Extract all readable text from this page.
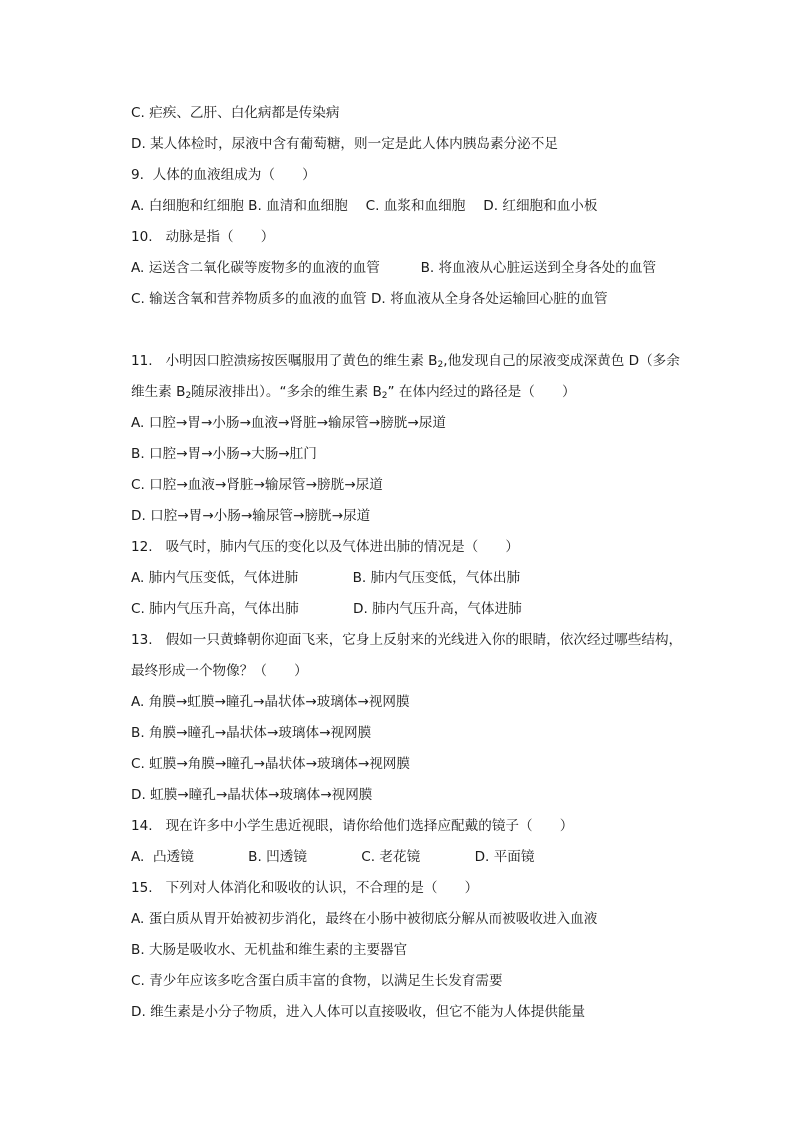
C. 疟疾、乙肝、白化病都是传染病
D. 某人体检时，尿液中含有葡萄糖，则一定是此人体内胰岛素分泌不足
9.  人体的血液组成为（　　）
A. 白细胞和红细胞 B. 血清和血细胞　 C. 血浆和血细胞　 D. 红细胞和血小板
10.   动脉是指（　　）
A. 运送含二氧化碳等废物多的血液的血管　　　B. 将血液从心脏运送到全身各处的血管
C. 输送含氧和营养物质多的血液的血管 D. 将血液从全身各处运输回心脏的血管
11.   小明因口腔溃疡按医嘱服用了黄色的维生素 $B_2$,他发现自己的尿液变成深黄色 D（多余
维生素 $B_2$随尿液排出）。“多余的维生素 $B_2$” 在体内经过的路径是（　　）
A. 口腔→胃→小肠→血液→肾脏→输尿管→膀胱→尿道
B. 口腔→胃→小肠→大肠→肛门
C. 口腔→血液→肾脏→输尿管→膀胱→尿道
D. 口腔→胃→小肠→输尿管→膀胱→尿道
12.   吸气时，肺内气压的变化以及气体进出肺的情况是（　　）
A. 肺内气压变低，气体进肺　　　　B. 肺内气压变低，气体出肺
C. 肺内气压升高，气体出肺　　　　D. 肺内气压升高，气体进肺
13.   假如一只黄蜂朝你迎面飞来，它身上反射来的光线进入你的眼睛，依次经过哪些结构，
最终形成一个物像？（　　）
A. 角膜→虹膜→瞳孔→晶状体→玻璃体→视网膜
B. 角膜→瞳孔→晶状体→玻璃体→视网膜
C. 虹膜→角膜→瞳孔→晶状体→玻璃体→视网膜
D. 虹膜→瞳孔→晶状体→玻璃体→视网膜
14.   现在许多中小学生患近视眼，请你给他们选择应配戴的镜子（　　）
A.  凸透镜　　　　B. 凹透镜　　　　C. 老花镜　　　　D. 平面镜
15.   下列对人体消化和吸收的认识，不合理的是（　　）
A. 蛋白质从胃开始被初步消化，最终在小肠中被彻底分解从而被吸收进入血液
B. 大肠是吸收水、无机盐和维生素的主要器官
C. 青少年应该多吃含蛋白质丰富的食物，以满足生长发育需要
D. 维生素是小分子物质，进入人体可以直接吸收，但它不能为人体提供能量
